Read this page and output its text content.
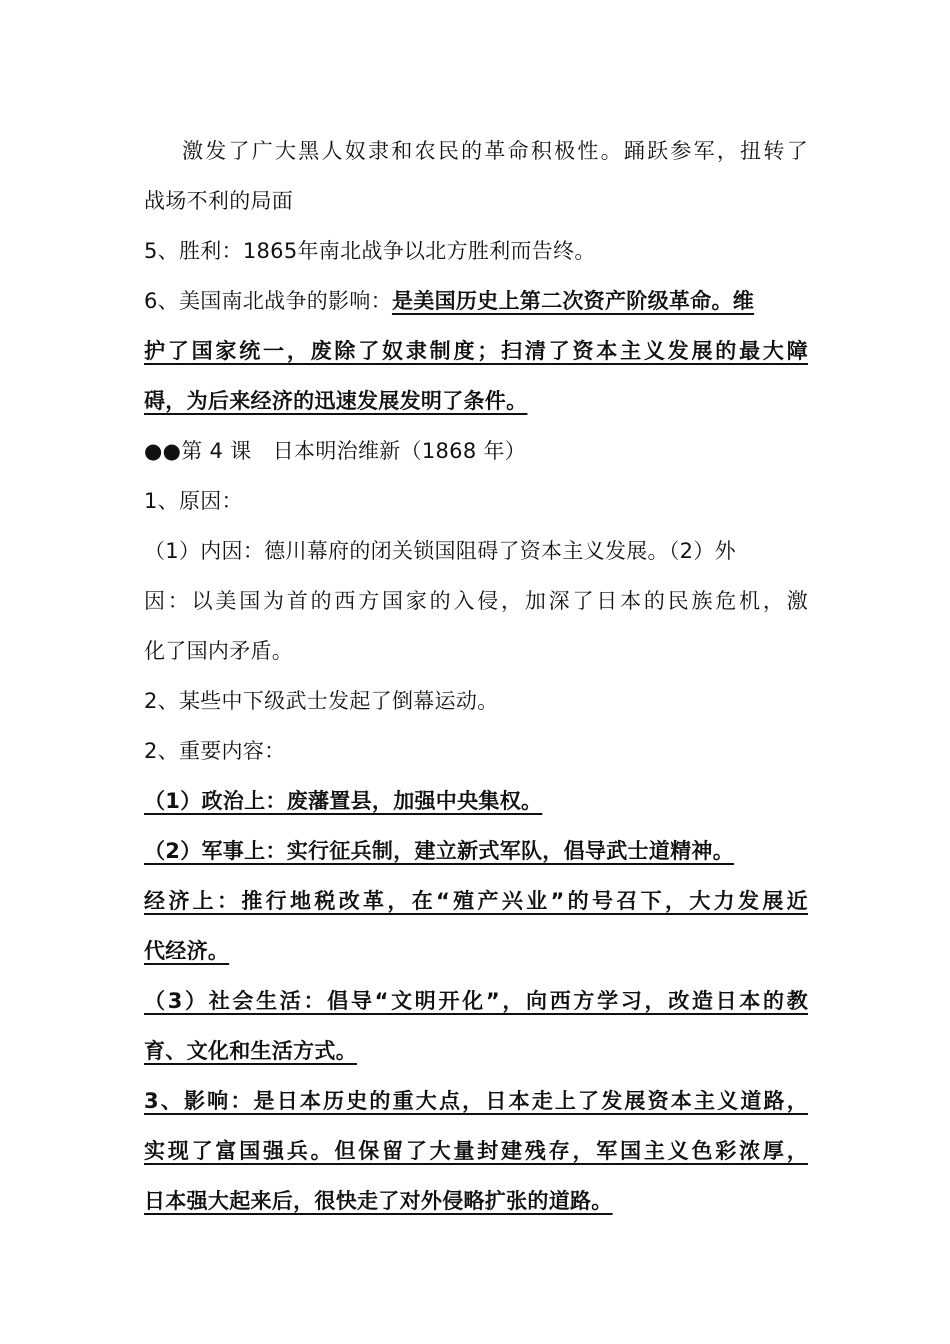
激发了广大黑人奴隶和农民的革命积极性。踊跃参军，扭转了
战场不利的局面
5、胜利：1865年南北战争以北方胜利而告终。
6、美国南北战争的影响：是美国历史上第二次资产阶级革命。维
护了国家统一，废除了奴隶制度；扫清了资本主义发展的最大障
碍，为后来经济的迅速发展发明了条件。
●●第 4 课　日本明治维新（1868 年）
1、原因：
（1）内因：德川幕府的闭关锁国阻碍了资本主义发展。（2）外
因：以美国为首的西方国家的入侵，加深了日本的民族危机，激
化了国内矛盾。
2、某些中下级武士发起了倒幕运动。
2、重要内容：
（1）政治上：废藩置县，加强中央集权。
（2）军事上：实行征兵制，建立新式军队，倡导武士道精神。
经济上：推行地税改革，在“殖产兴业”的号召下，大力发展近
代经济。
（3）社会生活：倡导“文明开化”，向西方学习，改造日本的教
育、文化和生活方式。
3、影响：是日本历史的重大点，日本走上了发展资本主义道路，
实现了富国强兵。但保留了大量封建残存，军国主义色彩浓厚，
日本强大起来后，很快走了对外侵略扩张的道路。
